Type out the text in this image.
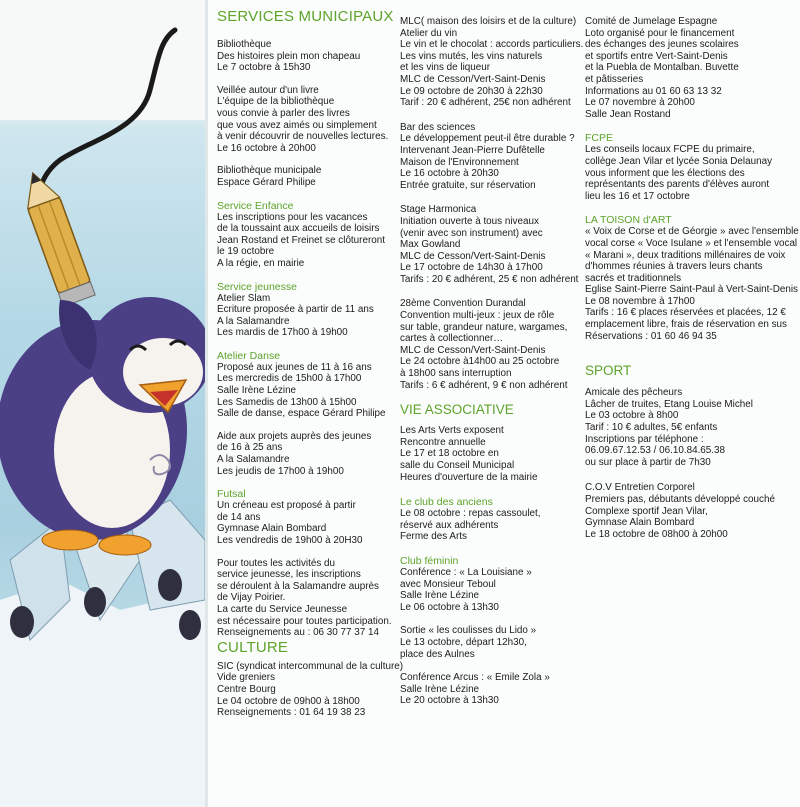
SERVICES MUNICIPAUX

Bibliothèque

Des histoires plein mon chapeau

Le 7 octobre à 15h30

Veillée autour d'un livre

L'équipe de la bibliothèque

vous convie à parler des livres

que vous avez aimés ou simplement

à venir découvrir de nouvelles lectures.

Le 16 octobre à 20h00

Bibliothèque municipale

Espace Gérard Philipe

Service Enfance

Les inscriptions pour les vacances

de la toussaint aux accueils de loisirs

Jean Rostand et Freinet se clôtureront

le 19 octobre

A la régie, en mairie

Service jeunesse

Atelier Slam

Ecriture proposée à partir de 11 ans

A la Salamandre

Les mardis de 17h00 à 19h00

Atelier Danse

Proposé aux jeunes de 11 à 16 ans

Les mercredis de 15h00 à 17h00

Salle Irène Lézine

Les Samedis de 13h00 à 15h00

Salle de danse, espace Gérard Philipe

Aide aux projets auprès des jeunes

de 16 à 25 ans

A la Salamandre

Les jeudis de 17h00 à 19h00

Futsal

Un créneau est proposé à partir

de 14 ans

Gymnase Alain Bombard

Les vendredis de 19h00 à 20H30

Pour toutes les activités du

service jeunesse, les inscriptions

se déroulent à la Salamandre auprès

de Vijay Poirier.

La carte du Service Jeunesse

est nécessaire pour toutes participation.

Renseignements au : 06 30 77 37 14

CULTURE

SIC (syndicat intercommunal de la culture)

Vide greniers

Centre Bourg

Le 04 octobre de 09h00 à 18h00

Renseignements : 01 64 19 38 23

MLC( maison des loisirs et de la culture)

Atelier du vin

Le vin et le chocolat : accords particuliers.

Les vins mutés, les vins naturels

et les vins de liqueur

MLC de Cesson/Vert-Saint-Denis

Le 09 octobre de 20h30 à 22h30

Tarif : 20 € adhérent, 25€ non adhérent

Bar des sciences

Le développement peut-il être durable ?

Intervenant Jean-Pierre Dufêtelle

Maison de l'Environnement

Le 16 octobre à 20h30

Entrée gratuite, sur réservation

Stage Harmonica

Initiation ouverte à tous niveaux

(venir avec son instrument) avec

Max Gowland

MLC de Cesson/Vert-Saint-Denis

Le 17 octobre de 14h30 à 17h00

Tarifs : 20 € adhérent, 25 € non adhérent

28ème Convention Durandal

Convention multi-jeux : jeux de rôle

sur table, grandeur nature, wargames,

cartes à collectionner…

MLC de Cesson/Vert-Saint-Denis

Le 24 octobre à14h00 au 25 octobre

à 18h00 sans interruption

Tarifs : 6 € adhérent, 9 € non adhérent

VIE ASSOCIATIVE

Les Arts Verts exposent

Rencontre annuelle

Le 17 et 18 octobre en

salle du Conseil Municipal

Heures d'ouverture de la mairie

Le club des anciens

Le 08 octobre : repas cassoulet,

réservé aux adhérents

Ferme des Arts

Club féminin

Conférence : « La Louisiane »

avec Monsieur Teboul

Salle Irène Lézine

Le 06 octobre à 13h30

Sortie « les coulisses du Lido »

Le 13 octobre, départ 12h30,

place des Aulnes

Conférence Arcus : « Emile Zola »

Salle Irène Lézine

Le 20 octobre à 13h30

Comité de Jumelage Espagne

Loto organisé pour le financement

des échanges des jeunes scolaires

et sportifs entre Vert-Saint-Denis

et la Puebla de Montalban. Buvette

et pâtisseries

Informations au 01 60 63 13 32

Le 07 novembre à 20h00

Salle Jean Rostand

FCPE

Les conseils locaux FCPE du primaire,

collège Jean Vilar et lycée Sonia Delaunay

vous informent que les élections des

représentants des parents d'élèves auront

lieu les 16 et 17 octobre

LA TOISON d'ART

« Voix de Corse et de Géorgie » avec l'ensemble

vocal corse « Voce Isulane » et l'ensemble vocal

« Marani », deux traditions millénaires de voix

d'hommes réunies à travers leurs chants

sacrés et traditionnels

Eglise Saint-Pierre Saint-Paul à Vert-Saint-Denis

Le 08 novembre à 17h00

Tarifs : 16 € places réservées et placées, 12 €

emplacement libre, frais de réservation en sus

Réservations : 01 60 46 94 35

SPORT

Amicale des pêcheurs

Lâcher de truites, Etang Louise Michel

Le 03 octobre à 8h00

Tarif : 10 € adultes, 5€ enfants

Inscriptions par téléphone :

06.09.67.12.53 / 06.10.84.65.38

ou sur place à partir de 7h30

C.O.V Entretien Corporel

Premiers pas, débutants développé couché

Complexe sportif Jean Vilar,

Gymnase Alain Bombard

Le 18 octobre de 08h00 à 20h00
